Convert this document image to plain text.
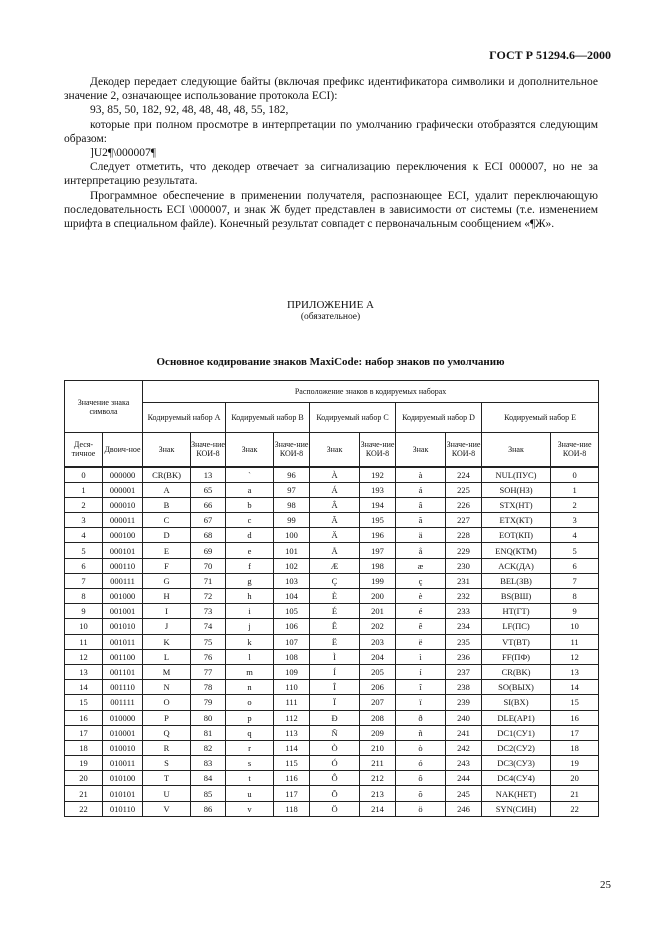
ГОСТ Р 51294.6—2000

Декодер передает следующие байты (включая префикс идентификатора символики и дополнительное значение 2, означающее использование протокола ECI):

93, 85, 50, 182, 92, 48, 48, 48, 48, 55, 182,

которые при полном просмотре в интерпретации по умолчанию графически отобразятся следующим образом:

]U2¶\000007¶

Следует отметить, что декодер отвечает за сигнализацию переключения к ECI 000007, но не за интерпретацию результата.

Программное обеспечение в применении получателя, распознающее ECI, удалит переключающую последовательность ECI \000007, и знак Ж будет представлен в зависимости от системы (т.е. изменением шрифта в специальном файле). Конечный результат совпадет с первоначальным сообщением «¶Ж».

ПРИЛОЖЕНИЕ А
(обязательное)
Основное кодирование знаков MaxiCode: набор знаков по умолчанию
Значение знака символа		Расположение знаков в кодируемых наборах									
		Кодируемый набор А		Кодируемый набор В		Кодируемый набор С		Кодируемый набор D		Кодируемый набор Е	
Деся-тичное	Двоич-ное	Знак	Значе-ние КОИ-8	Знак	Значе-ние КОИ-8	Знак	Значе-ние КОИ-8	Знак	Значе-ние КОИ-8	Знак	Значе-ние КОИ-8
0	000000	CR(BK)	13	`	96	À	192	à	224	NUL(ПУС)	0
1	000001	A	65	a	97	Á	193	á	225	SOH(НЗ)	1
2	000010	B	66	b	98	Â	194	â	226	STX(НТ)	2
3	000011	C	67	c	99	Ã	195	ã	227	ETX(КТ)	3
4	000100	D	68	d	100	Ä	196	ä	228	EOT(КП)	4
5	000101	E	69	e	101	Å	197	å	229	ENQ(КТМ)	5
6	000110	F	70	f	102	Æ	198	æ	230	ACK(ДА)	6
7	000111	G	71	g	103	Ç	199	ç	231	BEL(ЗВ)	7
8	001000	H	72	h	104	È	200	è	232	BS(ВШ)	8
9	001001	I	73	i	105	É	201	é	233	HT(ГТ)	9
10	001010	J	74	j	106	Ê	202	ê	234	LF(ПС)	10
11	001011	K	75	k	107	Ë	203	ë	235	VT(ВТ)	11
12	001100	L	76	l	108	Ì	204	ì	236	FF(ПФ)	12
13	001101	M	77	m	109	Í	205	í	237	CR(BK)	13
14	001110	N	78	n	110	Î	206	î	238	SO(ВЫХ)	14
15	001111	O	79	o	111	Ï	207	ï	239	SI(BX)	15
16	010000	P	80	p	112	Ð	208	ð	240	DLE(АР1)	16
17	010001	Q	81	q	113	Ñ	209	ñ	241	DC1(СУ1)	17
18	010010	R	82	r	114	Ò	210	ò	242	DC2(СУ2)	18
19	010011	S	83	s	115	Ó	211	ó	243	DC3(СУ3)	19
20	010100	T	84	t	116	Ô	212	ô	244	DC4(СУ4)	20
21	010101	U	85	u	117	Õ	213	õ	245	NAK(НЕТ)	21
22	010110	V	86	v	118	Ö	214	ö	246	SYN(СИН)	22
25
